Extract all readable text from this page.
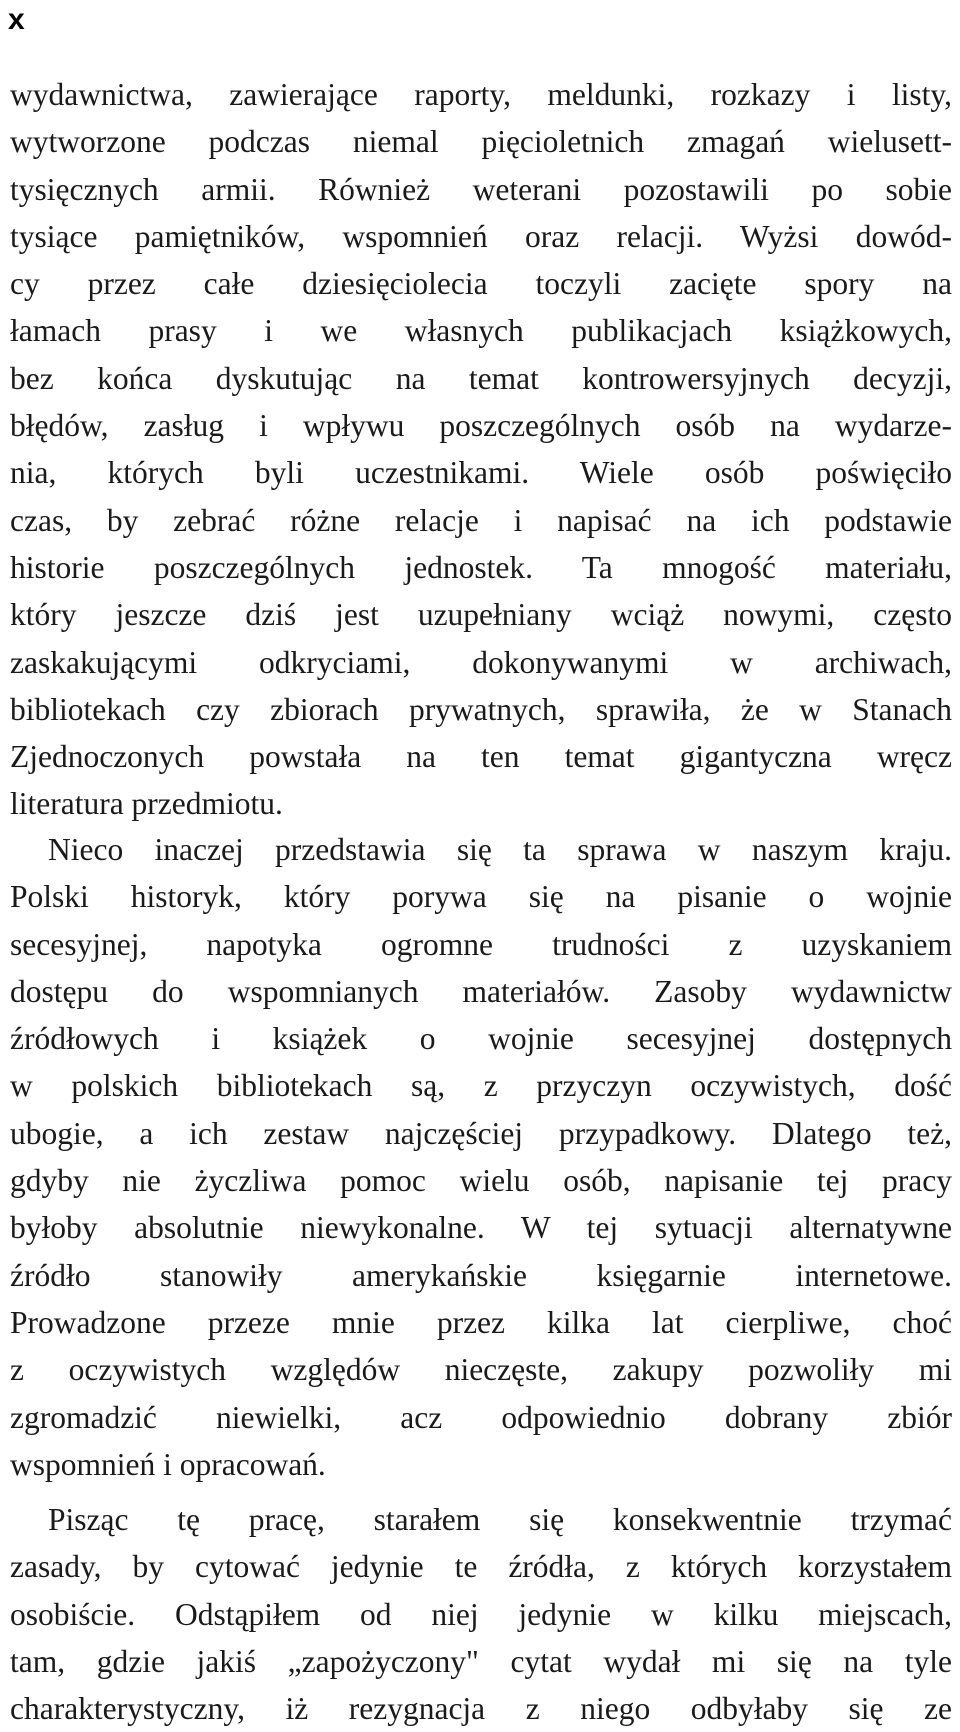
x
wydawnictwa, zawierające raporty, meldunki, rozkazy i listy,
wytworzone podczas niemal pięcioletnich zmagań wielusett-
tysięcznych armii. Również weterani pozostawili po sobie
tysiące pamiętników, wspomnień oraz relacji. Wyżsi dowód-
cy przez całe dziesięciolecia toczyli zacięte spory na
łamach prasy i we własnych publikacjach książkowych,
bez końca dyskutując na temat kontrowersyjnych decyzji,
błędów, zasług i wpływu poszczególnych osób na wydarze-
nia, których byli uczestnikami. Wiele osób poświęciło
czas, by zebrać różne relacje i napisać na ich podstawie
historie poszczególnych jednostek. Ta mnogość materiału,
który jeszcze dziś jest uzupełniany wciąż nowymi, często
zaskakującymi odkryciami, dokonywanymi w archiwach,
bibliotekach czy zbiorach prywatnych, sprawiła, że w Stanach
Zjednoczonych powstała na ten temat gigantyczna wręcz
literatura przedmiotu.
Nieco inaczej przedstawia się ta sprawa w naszym kraju.
Polski historyk, który porywa się na pisanie o wojnie
secesyjnej, napotyka ogromne trudności z uzyskaniem
dostępu do wspomnianych materiałów. Zasoby wydawnictw
źródłowych i książek o wojnie secesyjnej dostępnych
w polskich bibliotekach są, z przyczyn oczywistych, dość
ubogie, a ich zestaw najczęściej przypadkowy. Dlatego też,
gdyby nie życzliwa pomoc wielu osób, napisanie tej pracy
byłoby absolutnie niewykonalne. W tej sytuacji alternatywne
źródło stanowiły amerykańskie księgarnie internetowe.
Prowadzone przeze mnie przez kilka lat cierpliwe, choć
z oczywistych względów nieczęste, zakupy pozwoliły mi
zgromadzić niewielki, acz odpowiednio dobrany zbiór
wspomnień i opracowań.
Pisząc tę pracę, starałem się konsekwentnie trzymać
zasady, by cytować jedynie te źródła, z których korzystałem
osobiście. Odstąpiłem od niej jedynie w kilku miejscach,
tam, gdzie jakiś „zapożyczony" cytat wydał mi się na tyle
charakterystyczny, iż rezygnacja z niego odbyłaby się ze
